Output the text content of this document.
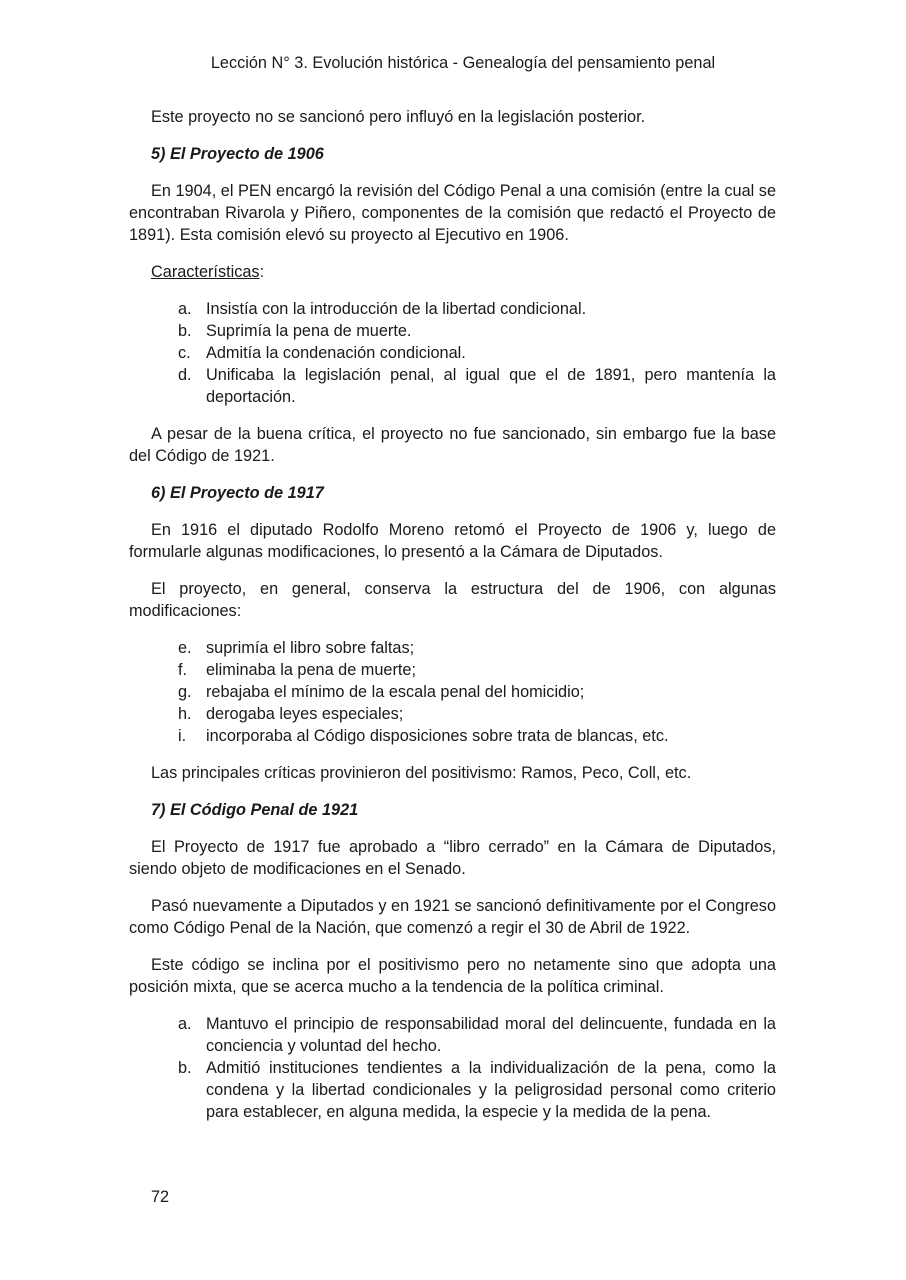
Lección N° 3. Evolución histórica - Genealogía del pensamiento penal

Este proyecto no se sancionó pero influyó en la legislación posterior.

5) El Proyecto de 1906

En 1904, el PEN encargó la revisión del Código Penal a una comisión (entre la cual se encontraban Rivarola y Piñero, componentes de la comisión que redactó el Proyecto de 1891). Esta comisión elevó su proyecto al Ejecutivo en 1906.

Características:

a. Insistía con la introducción de la libertad condicional.
b. Suprimía la pena de muerte.
c. Admitía la condenación condicional.
d. Unificaba la legislación penal, al igual que el de 1891, pero mantenía la deportación.

A pesar de la buena crítica, el proyecto no fue sancionado, sin embargo fue la base del Código de 1921.

6) El Proyecto de 1917

En 1916 el diputado Rodolfo Moreno retomó el Proyecto de 1906 y, luego de formularle algunas modificaciones, lo presentó a la Cámara de Diputados.

El proyecto, en general, conserva la estructura del de 1906, con algunas modificaciones:

e. suprimía el libro sobre faltas;
f. eliminaba la pena de muerte;
g. rebajaba el mínimo de la escala penal del homicidio;
h. derogaba leyes especiales;
i. incorporaba al Código disposiciones sobre trata de blancas, etc.

Las principales críticas provinieron del positivismo: Ramos, Peco, Coll, etc.

7) El Código Penal de 1921

El Proyecto de 1917 fue aprobado a “libro cerrado” en la Cámara de Diputados, siendo objeto de modificaciones en el Senado.

Pasó nuevamente a Diputados y en 1921 se sancionó definitivamente por el Congreso como Código Penal de la Nación, que comenzó a regir el 30 de Abril de 1922.

Este código se inclina por el positivismo pero no netamente sino que adopta una posición mixta, que se acerca mucho a la tendencia de la política criminal.

a. Mantuvo el principio de responsabilidad moral del delincuente, fundada en la conciencia y voluntad del hecho.
b. Admitió instituciones tendientes a la individualización de la pena, como la condena y la libertad condicionales y la peligrosidad personal como criterio para establecer, en alguna medida, la especie y la medida de la pena.
72
